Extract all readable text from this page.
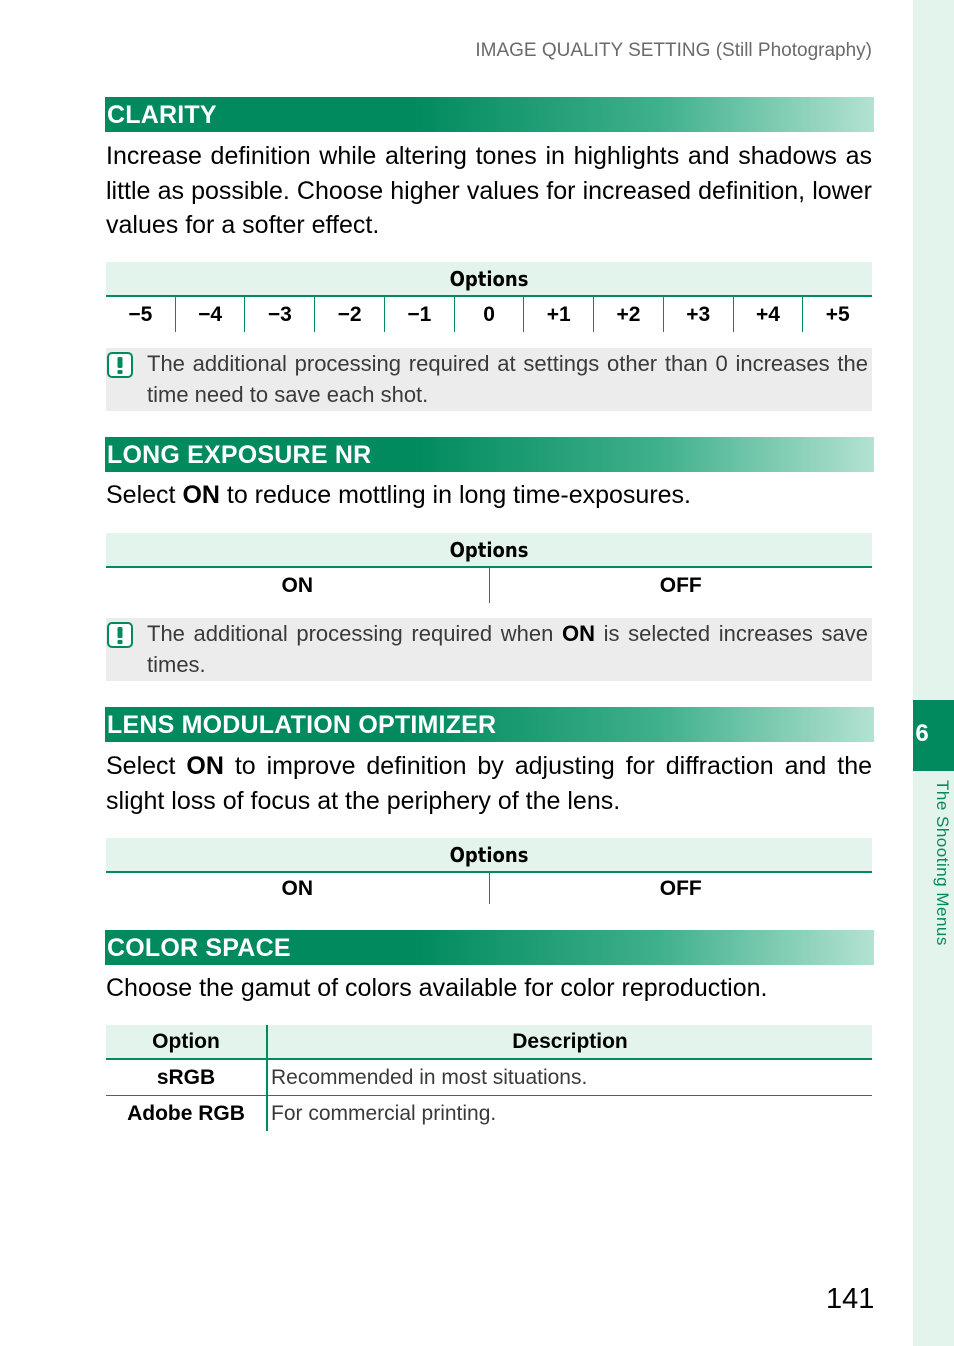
IMAGE QUALITY SETTING (Still Photography)
CLARITY
Increase definition while altering tones in highlights and shadows as little as possible. Choose higher values for increased definition, lower values for a softer effect.
Options
−5	−4	−3	−2	−1	0	+1	+2	+3	+4	+5
The additional processing required at settings other than 0 increases the time need to save each shot.
LONG EXPOSURE NR
Select ON to reduce mottling in long time-exposures.
Options
ON	OFF
The additional processing required when ON is selected increases save times.
LENS MODULATION OPTIMIZER
Select ON to improve definition by adjusting for diffraction and the slight loss of focus at the periphery of the lens.
Options
ON	OFF
COLOR SPACE
Choose the gamut of colors available for color reproduction.
Option	Description
sRGB	Recommended in most situations.
Adobe RGB	For commercial printing.
6
The Shooting Menus
141
